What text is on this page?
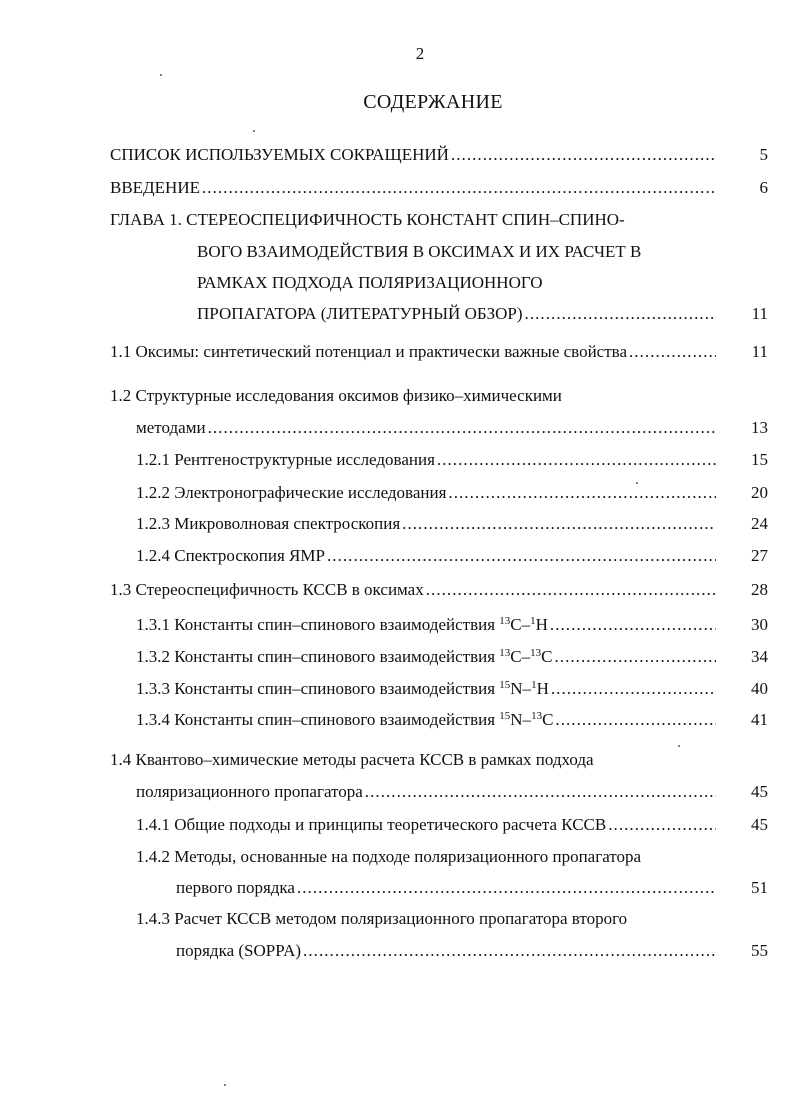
2
СОДЕРЖАНИЕ
СПИСОК ИСПОЛЬЗУЕМЫХ СОКРАЩЕНИЙ . . .	5
ВВЕДЕНИЕ . . .	6
ГЛАВА 1. СТЕРЕОСПЕЦИФИЧНОСТЬ КОНСТАНТ СПИН–СПИНО-
ВОГО ВЗАИМОДЕЙСТВИЯ В ОКСИМАХ И ИХ РАСЧЕТ В
РАМКАХ ПОДХОДА ПОЛЯРИЗАЦИОННОГО
ПРОПАГАТОРА (ЛИТЕРАТУРНЫЙ ОБЗОР) . . .	11
1.1 Оксимы: синтетический потенциал и практически важные свойства . . .	11
1.2 Структурные исследования оксимов физико–химическими
методами . . .	13
1.2.1 Рентгеноструктурные исследования . . .	15
1.2.2 Электронографические исследования . . .	20
1.2.3 Микроволновая спектроскопия . . .	24
1.2.4 Спектроскопия ЯМР . . .	27
1.3 Стереоспецифичность КССВ в оксимах . . .	28
1.3.1 Константы спин–спинового взаимодействия $^{13}$C–$^1$H . . .	30
1.3.2 Константы спин–спинового взаимодействия $^{13}$C–$^{13}$C . . .	34
1.3.3 Константы спин–спинового взаимодействия $^{15}$N–$^1$H . . .	40
1.3.4 Константы спин–спинового взаимодействия $^{15}$N–$^{13}$C . . .	41
1.4 Квантово–химические методы расчета КССВ в рамках подхода
поляризационного пропагатора . . .	45
1.4.1 Общие подходы и принципы теоретического расчета КССВ . . .	45
1.4.2 Методы, основанные на подходе поляризационного пропагатора
первого порядка . . .	51
1.4.3 Расчет КССВ методом поляризационного пропагатора второго
порядка (SOPPA) . . .	55
